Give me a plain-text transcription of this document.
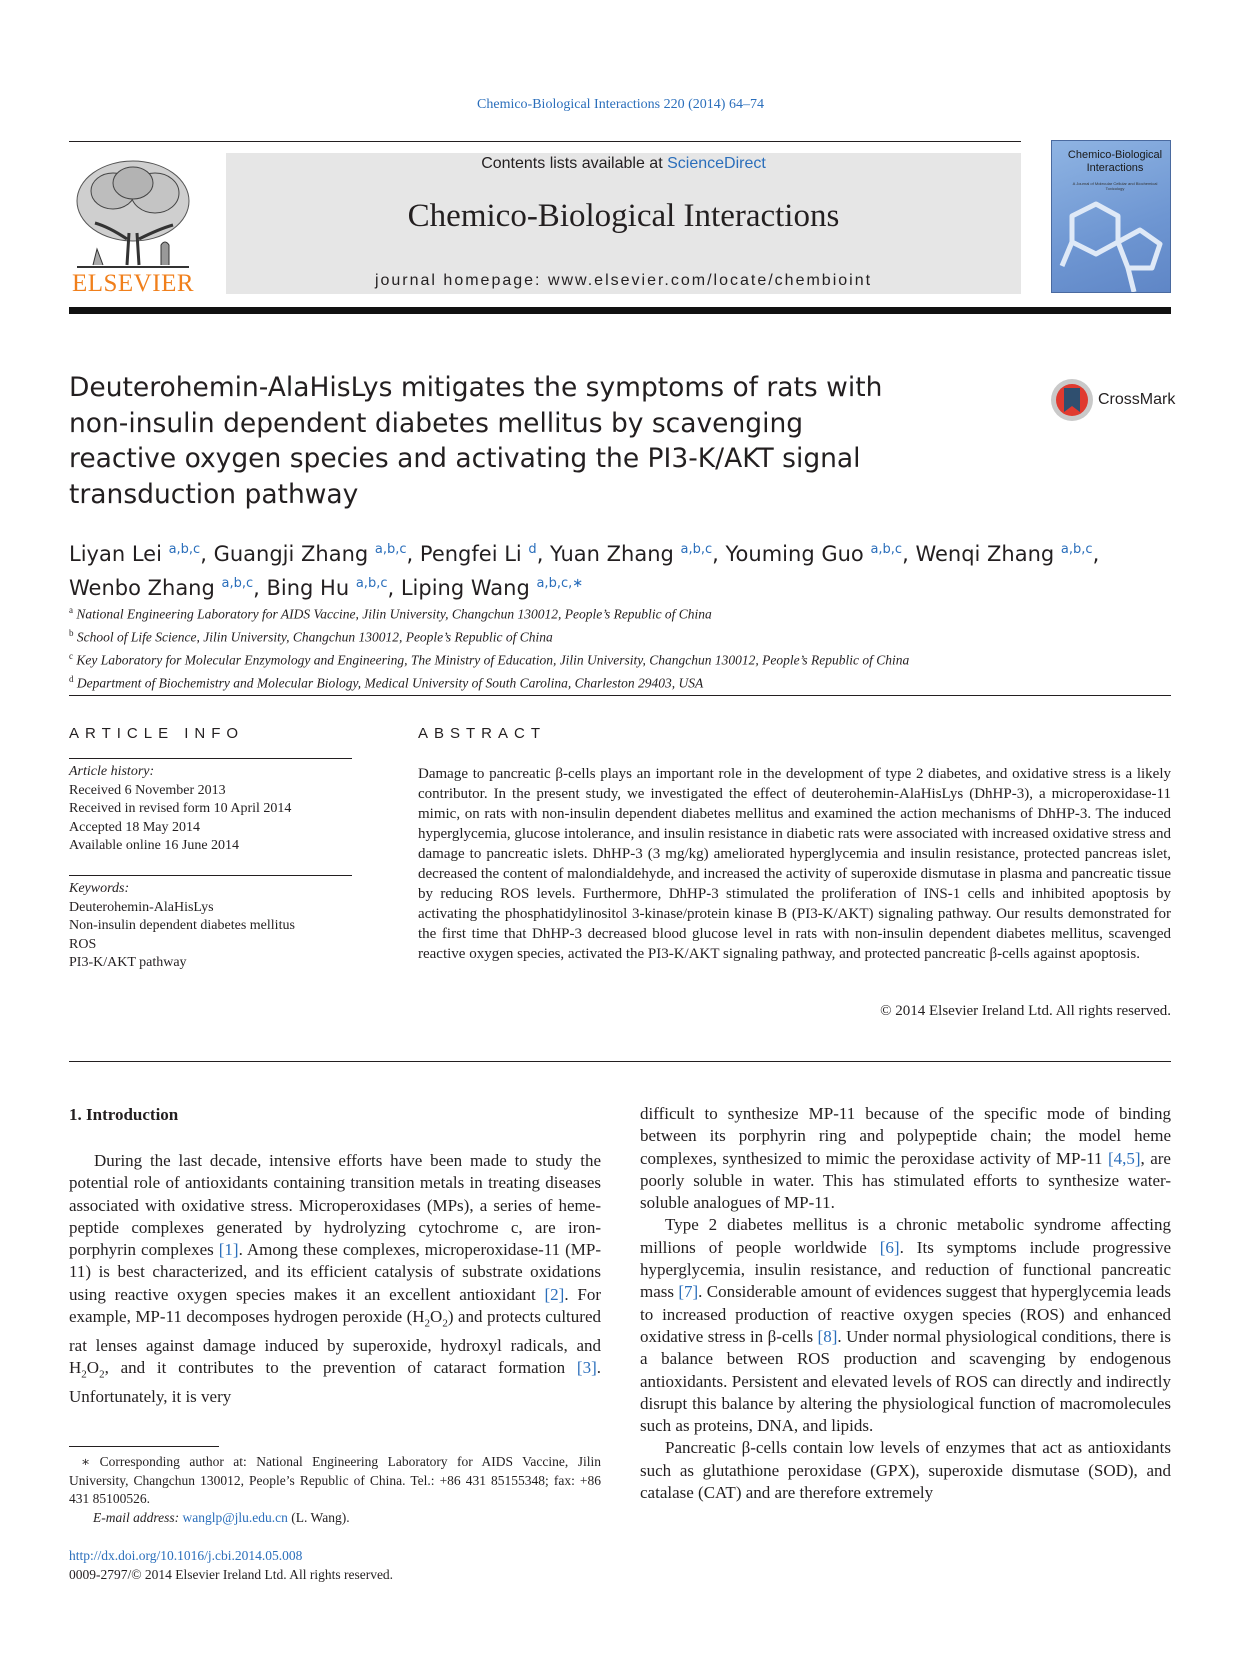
Chemico-Biological Interactions 220 (2014) 64–74
ELSEVIER
Contents lists available at ScienceDirect
Chemico-Biological Interactions
journal homepage: www.elsevier.com/locate/chembioint
Chemico-Biological Interactions
A Journal of Molecular Cellular and Biochemical Toxicology
Deuterohemin-AlaHisLys mitigates the symptoms of rats with non-insulin dependent diabetes mellitus by scavenging reactive oxygen species and activating the PI3-K/AKT signal transduction pathway
CrossMark
Liyan Lei $^{a,b,c}$, Guangji Zhang $^{a,b,c}$, Pengfei Li $^d$, Yuan Zhang $^{a,b,c}$, Youming Guo $^{a,b,c}$, Wenqi Zhang $^{a,b,c}$,
Wenbo Zhang $^{a,b,c}$, Bing Hu $^{a,b,c}$, Liping Wang $^{a,b,c,∗}$
$^a$ National Engineering Laboratory for AIDS Vaccine, Jilin University, Changchun 130012, People’s Republic of China
$^b$ School of Life Science, Jilin University, Changchun 130012, People’s Republic of China
$^c$ Key Laboratory for Molecular Enzymology and Engineering, The Ministry of Education, Jilin University, Changchun 130012, People’s Republic of China
$^d$ Department of Biochemistry and Molecular Biology, Medical University of South Carolina, Charleston 29403, USA
ARTICLE INFO
Article history:
Received 6 November 2013
Received in revised form 10 April 2014
Accepted 18 May 2014
Available online 16 June 2014
Keywords:
Deuterohemin-AlaHisLys
Non-insulin dependent diabetes mellitus
ROS
PI3-K/AKT pathway
ABSTRACT
Damage to pancreatic β-cells plays an important role in the development of type 2 diabetes, and oxidative stress is a likely contributor. In the present study, we investigated the effect of deuterohemin-AlaHisLys (DhHP-3), a microperoxidase-11 mimic, on rats with non-insulin dependent diabetes mellitus and examined the action mechanisms of DhHP-3. The induced hyperglycemia, glucose intolerance, and insulin resistance in diabetic rats were associated with increased oxidative stress and damage to pancreatic islets. DhHP-3 (3 mg/kg) ameliorated hyperglycemia and insulin resistance, protected pancreas islet, decreased the content of malondialdehyde, and increased the activity of superoxide dismutase in plasma and pancreatic tissue by reducing ROS levels. Furthermore, DhHP-3 stimulated the proliferation of INS-1 cells and inhibited apoptosis by activating the phosphatidylinositol 3-kinase/protein kinase B (PI3-K/AKT) signaling pathway. Our results demonstrated for the first time that DhHP-3 decreased blood glucose level in rats with non-insulin dependent diabetes mellitus, scavenged reactive oxygen species, activated the PI3-K/AKT signaling pathway, and protected pancreatic β-cells against apoptosis.
© 2014 Elsevier Ireland Ltd. All rights reserved.
1. Introduction

During the last decade, intensive efforts have been made to study the potential role of antioxidants containing transition metals in treating diseases associated with oxidative stress. Microperoxidases (MPs), a series of heme-peptide complexes generated by hydrolyzing cytochrome c, are iron-porphyrin complexes [1]. Among these complexes, microperoxidase-11 (MP-11) is best characterized, and its efficient catalysis of substrate oxidations using reactive oxygen species makes it an excellent antioxidant [2]. For example, MP-11 decomposes hydrogen peroxide $(H_2O_2)$ and protects cultured rat lenses against damage induced by superoxide, hydroxyl radicals, and $H_2O_2$, and it contributes to the prevention of cataract formation [3]. Unfortunately, it is very

difficult to synthesize MP-11 because of the specific mode of binding between its porphyrin ring and polypeptide chain; the model heme complexes, synthesized to mimic the peroxidase activity of MP-11 [4,5], are poorly soluble in water. This has stimulated efforts to synthesize water-soluble analogues of MP-11.

Type 2 diabetes mellitus is a chronic metabolic syndrome affecting millions of people worldwide [6]. Its symptoms include progressive hyperglycemia, insulin resistance, and reduction of functional pancreatic mass [7]. Considerable amount of evidences suggest that hyperglycemia leads to increased production of reactive oxygen species (ROS) and enhanced oxidative stress in β-cells [8]. Under normal physiological conditions, there is a balance between ROS production and scavenging by endogenous antioxidants. Persistent and elevated levels of ROS can directly and indirectly disrupt this balance by altering the physiological function of macromolecules such as proteins, DNA, and lipids.

Pancreatic β-cells contain low levels of enzymes that act as antioxidants such as glutathione peroxidase (GPX), superoxide dismutase (SOD), and catalase (CAT) and are therefore extremely

∗ Corresponding author at: National Engineering Laboratory for AIDS Vaccine, Jilin University, Changchun 130012, People’s Republic of China. Tel.: +86 431 85155348; fax: +86 431 85100526.
E-mail address: wanglp@jlu.edu.cn (L. Wang).
http://dx.doi.org/10.1016/j.cbi.2014.05.008
0009-2797/© 2014 Elsevier Ireland Ltd. All rights reserved.
